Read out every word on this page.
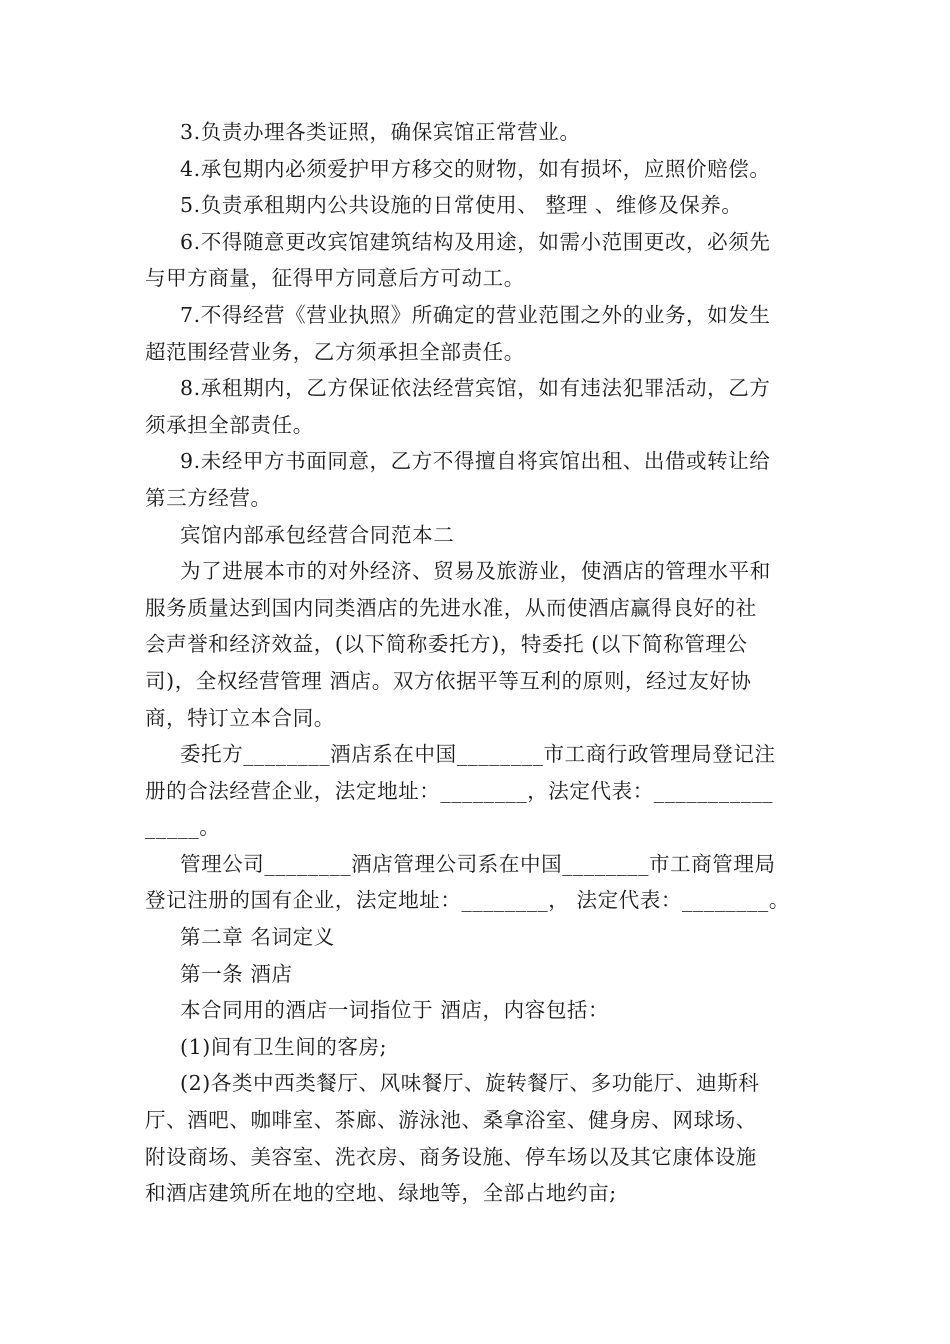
3.负责办理各类证照，确保宾馆正常营业。

4.承包期内必须爱护甲方移交的财物，如有损坏，应照价赔偿。

5.负责承租期内公共设施的日常使用、 整理 、维修及保养。

6.不得随意更改宾馆建筑结构及用途，如需小范围更改，必须先
与甲方商量，征得甲方同意后方可动工。

7.不得经营《营业执照》所确定的营业范围之外的业务，如发生
超范围经营业务，乙方须承担全部责任。

8.承租期内，乙方保证依法经营宾馆，如有违法犯罪活动，乙方
须承担全部责任。

9.未经甲方书面同意，乙方不得擅自将宾馆出租、出借或转让给
第三方经营。

宾馆内部承包经营合同范本二

为了进展本市的对外经济、贸易及旅游业，使酒店的管理水平和
服务质量达到国内同类酒店的先进水准，从而使酒店赢得良好的社
会声誉和经济效益，(以下简称委托方)，特委托 (以下简称管理公
司)，全权经营管理 酒店。双方依据平等互利的原则，经过友好协
商，特订立本合同。

委托方________酒店系在中国________市工商行政管理局登记注
册的合法经营企业，法定地址：________，法定代表：___________
_____。

管理公司________酒店管理公司系在中国________市工商管理局
登记注册的国有企业，法定地址：________， 法定代表：________。

第二章 名词定义

第一条 酒店

本合同用的酒店一词指位于 酒店，内容包括：

(1)间有卫生间的客房;

(2)各类中西类餐厅、风味餐厅、旋转餐厅、多功能厅、迪斯科
厅、酒吧、咖啡室、茶廊、游泳池、桑拿浴室、健身房、网球场、
附设商场、美容室、洗衣房、商务设施、停车场以及其它康体设施
和酒店建筑所在地的空地、绿地等，全部占地约亩;
